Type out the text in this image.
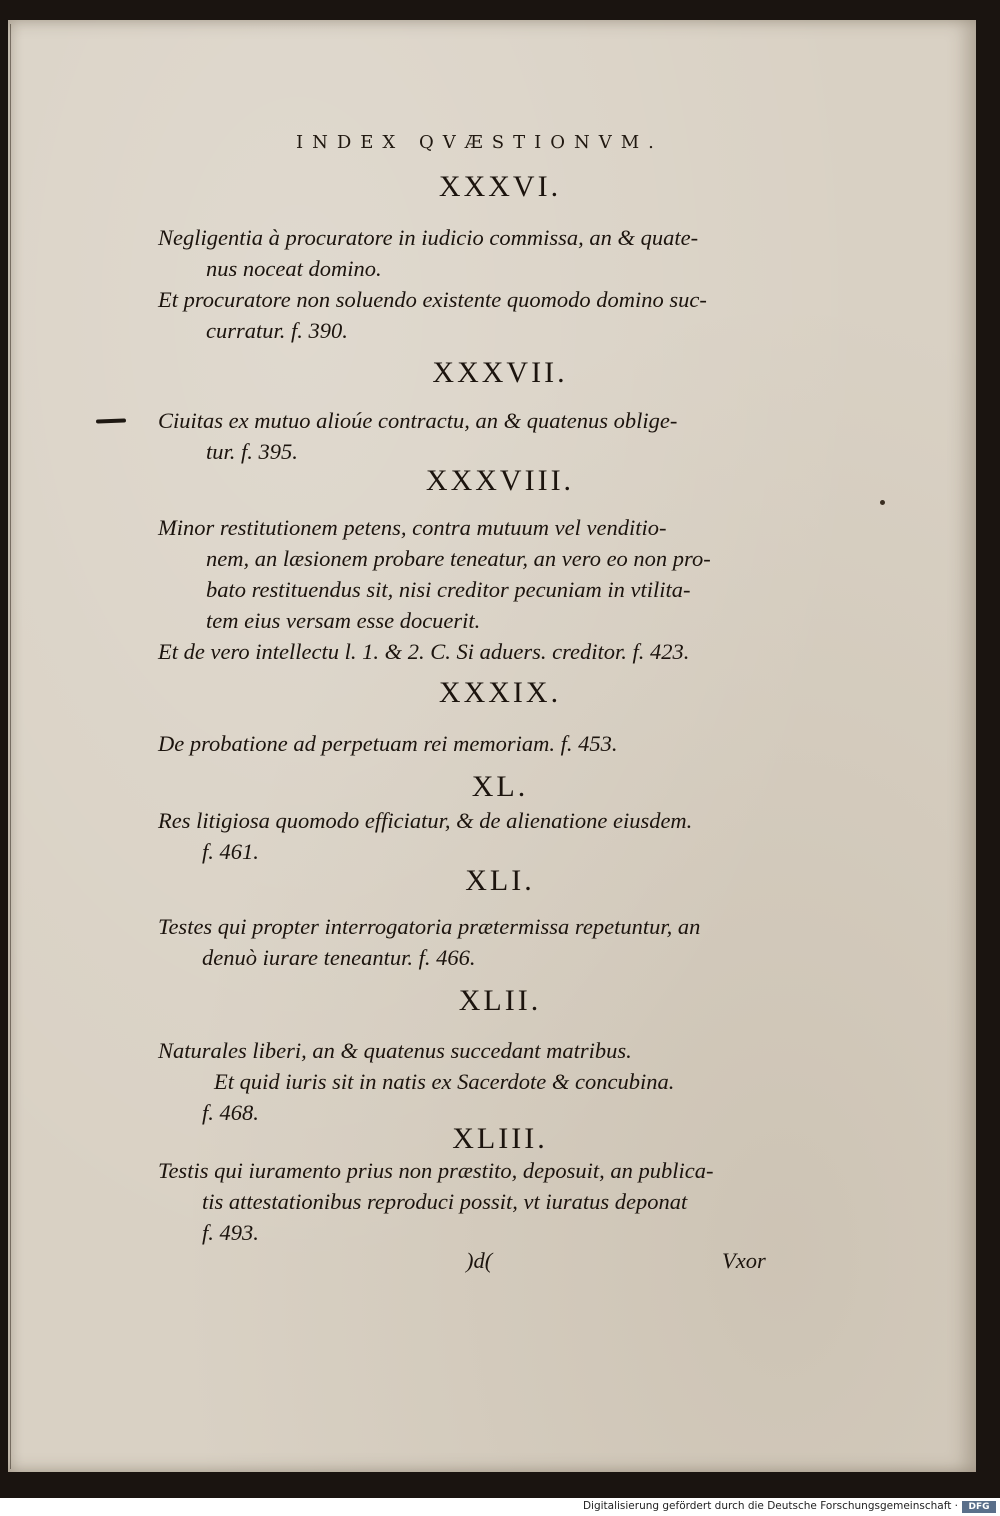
INDEX QVÆSTIONVM.
XXXVI.
Negligentia à procuratore in iudicio commissa, an & quate-
nus noceat domino.
Et procuratore non soluendo existente quomodo domino suc-
curratur. f. 390.
XXXVII.
Ciuitas ex mutuo alioúe contractu, an & quatenus oblige-
tur. f. 395.
XXXVIII.
Minor restitutionem petens, contra mutuum vel venditio-
nem, an læsionem probare teneatur, an vero eo non pro-
bato restituendus sit, nisi creditor pecuniam in vtilita-
tem eius versam esse docuerit.
Et de vero intellectu l. 1. & 2. C. Si aduers. creditor. f. 423.
XXXIX.
De probatione ad perpetuam rei memoriam. f. 453.
XL.
Res litigiosa quomodo efficiatur, & de alienatione eiusdem.
f. 461.
XLI.
Testes qui propter interrogatoria prætermissa repetuntur, an
denuò iurare teneantur. f. 466.
XLII.
Naturales liberi, an & quatenus succedant matribus.
Et quid iuris sit in natis ex Sacerdote & concubina.
f. 468.
XLIII.
Testis qui iuramento prius non præstito, deposuit, an publica-
tis attestationibus reproduci possit, vt iuratus deponat
f. 493.
)d(	Vxor
Digitalisierung gefördert durch die Deutsche Forschungsgemeinschaft ·	DFG
